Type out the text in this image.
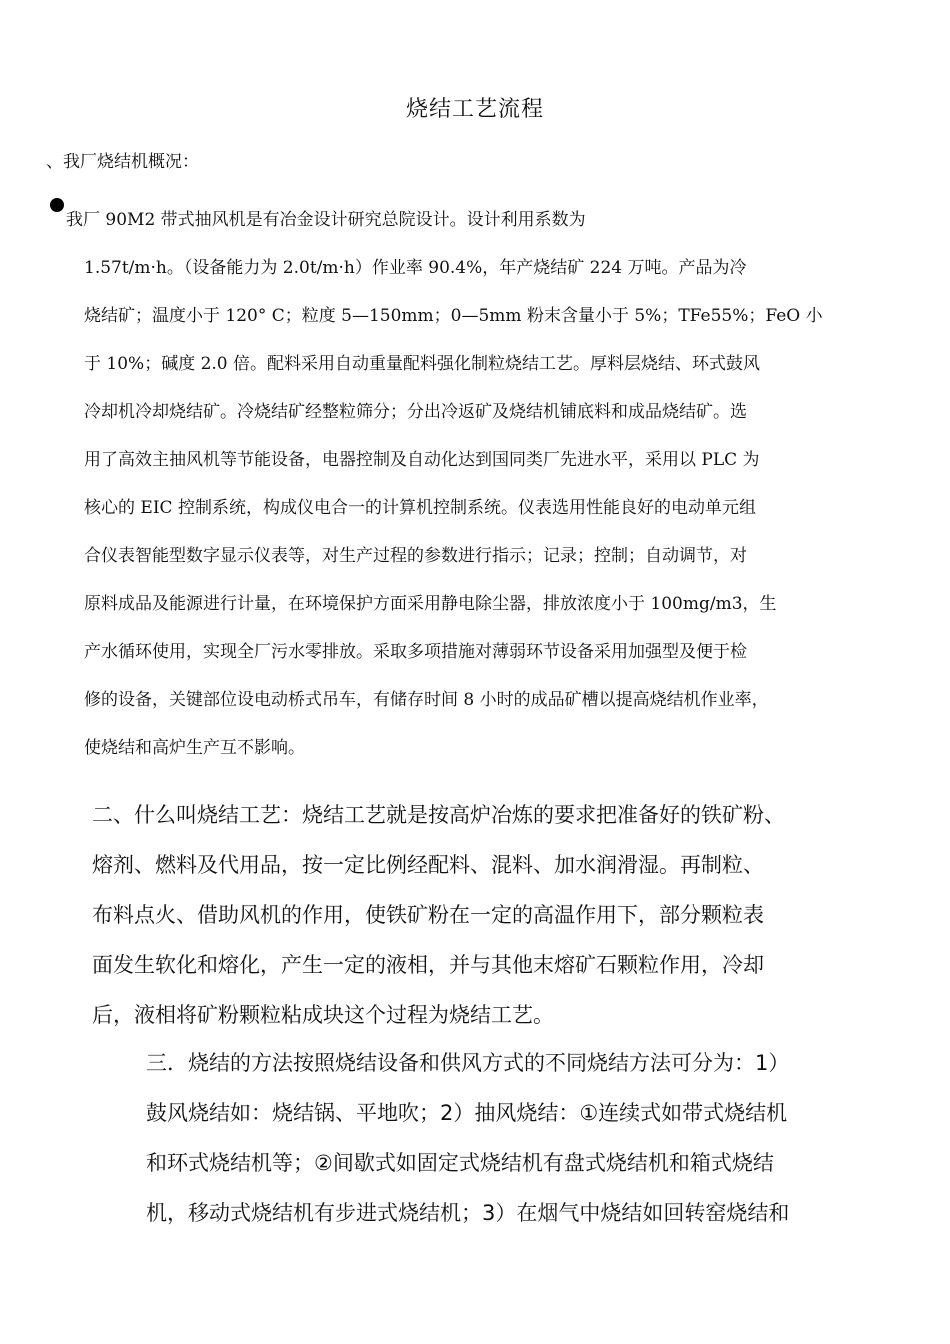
烧结工艺流程
、我厂烧结机概况：
我厂 90M2 带式抽风机是有冶金设计研究总院设计。设计利用系数为
1.57t/m·h。（设备能力为 2.0t/m·h）作业率 90.4%，年产烧结矿 224 万吨。产品为冷
烧结矿；温度小于 120° C；粒度 5—150mm；0—5mm 粉末含量小于 5%；TFe55%；FeO 小
于 10%；碱度 2.0 倍。配料采用自动重量配料强化制粒烧结工艺。厚料层烧结、环式鼓风
冷却机冷却烧结矿。冷烧结矿经整粒筛分；分出冷返矿及烧结机铺底料和成品烧结矿。选
用了高效主抽风机等节能设备，电器控制及自动化达到国同类厂先进水平，采用以 PLC 为
核心的 EIC 控制系统，构成仪电合一的计算机控制系统。仪表选用性能良好的电动单元组
合仪表智能型数字显示仪表等，对生产过程的参数进行指示；记录；控制；自动调节，对
原料成品及能源进行计量，在环境保护方面采用静电除尘器，排放浓度小于 100mg/m3，生
产水循环使用，实现全厂污水零排放。采取多项措施对薄弱环节设备采用加强型及便于检
修的设备，关键部位设电动桥式吊车，有储存时间 8 小时的成品矿槽以提高烧结机作业率，
使烧结和高炉生产互不影响。
二、什么叫烧结工艺：烧结工艺就是按高炉冶炼的要求把准备好的铁矿粉、
熔剂、燃料及代用品，按一定比例经配料、混料、加水润滑湿。再制粒、
布料点火、借助风机的作用，使铁矿粉在一定的高温作用下，部分颗粒表
面发生软化和熔化，产生一定的液相，并与其他末熔矿石颗粒作用，冷却
后，液相将矿粉颗粒粘成块这个过程为烧结工艺。
三．烧结的方法按照烧结设备和供风方式的不同烧结方法可分为：1）
鼓风烧结如：烧结锅、平地吹；2）抽风烧结：①连续式如带式烧结机
和环式烧结机等；②间歇式如固定式烧结机有盘式烧结机和箱式烧结
机，移动式烧结机有步进式烧结机；3）在烟气中烧结如回转窑烧结和
